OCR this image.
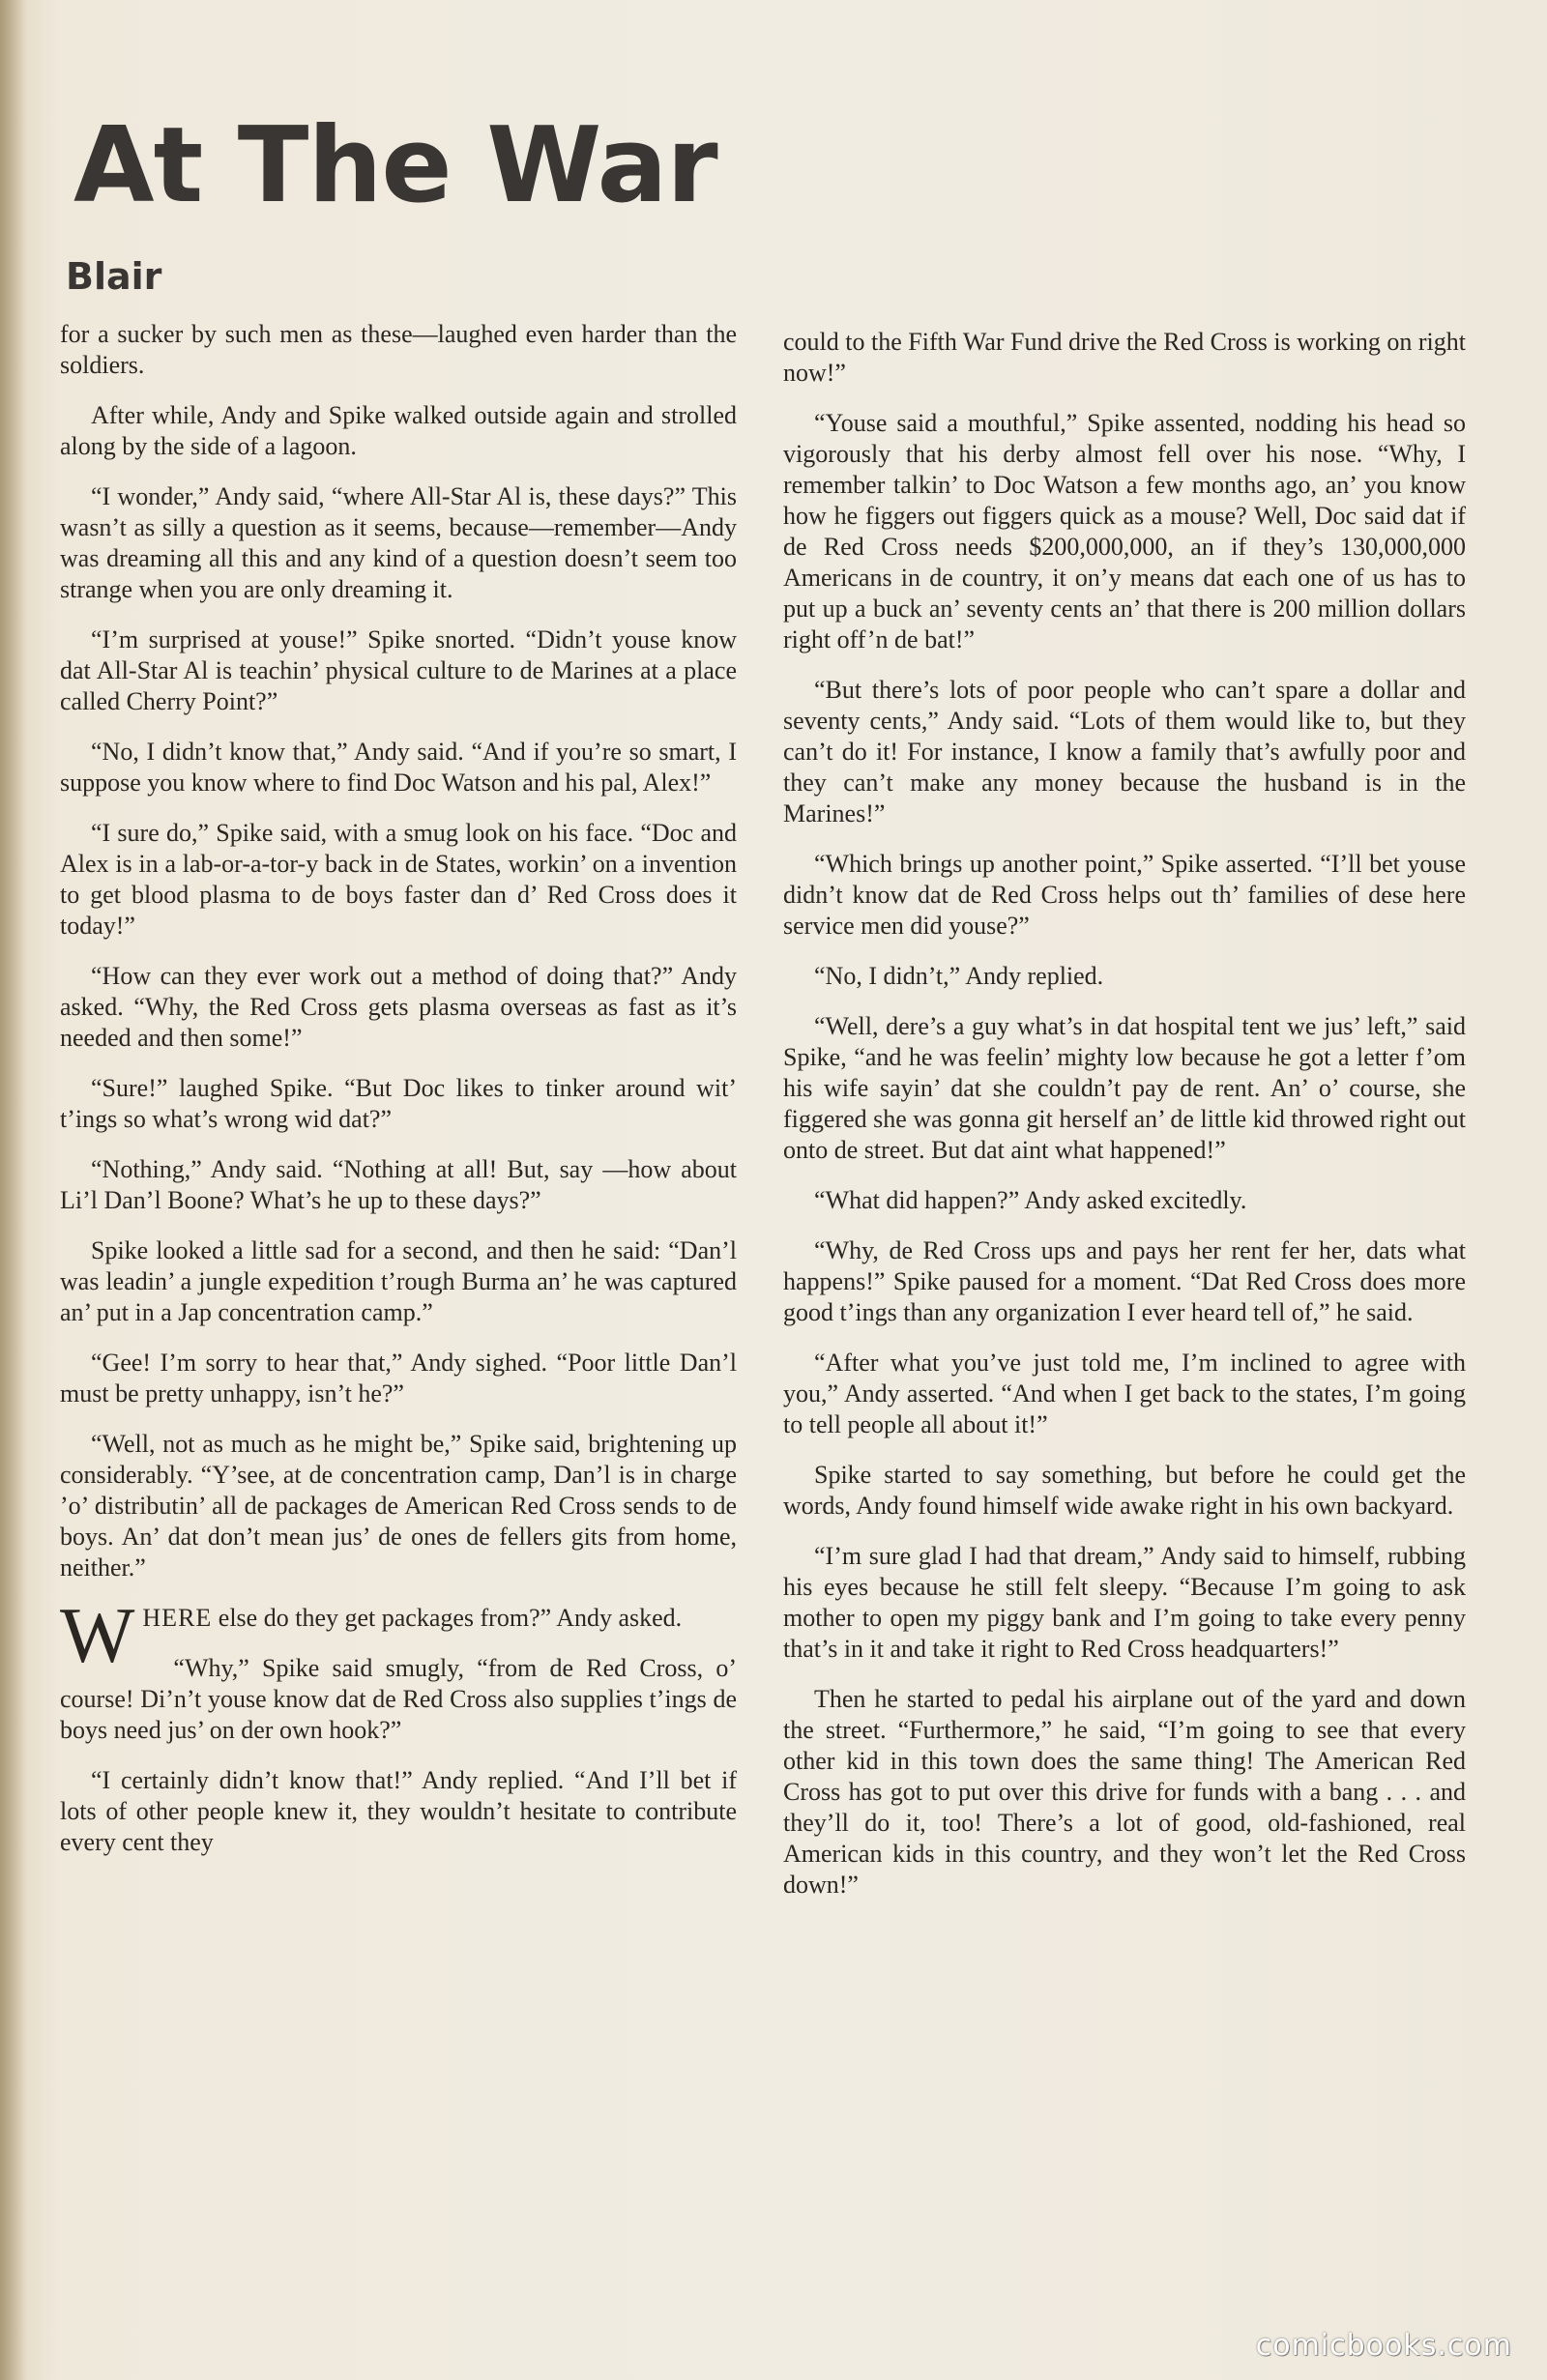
At The War
Blair

for a sucker by such men as these—laughed even harder than the soldiers.

After while, Andy and Spike walked outside again and strolled along by the side of a lagoon.

“I wonder,” Andy said, “where All-Star Al is, these days?” This wasn’t as silly a question as it seems, because—remember—Andy was dreaming all this and any kind of a question doesn’t seem too strange when you are only dreaming it.

“I’m surprised at youse!” Spike snorted. “Didn’t youse know dat All-Star Al is teachin’ physical culture to de Marines at a place called Cherry Point?”

“No, I didn’t know that,” Andy said. “And if you’re so smart, I suppose you know where to find Doc Watson and his pal, Alex!”

“I sure do,” Spike said, with a smug look on his face. “Doc and Alex is in a lab-or-a-tor-y back in de States, workin’ on a invention to get blood plasma to de boys faster dan d’ Red Cross does it today!”

“How can they ever work out a method of doing that?” Andy asked. “Why, the Red Cross gets plasma overseas as fast as it’s needed and then some!”

“Sure!” laughed Spike. “But Doc likes to tinker around wit’ t’ings so what’s wrong wid dat?”

“Nothing,” Andy said. “Nothing at all! But, say —how about Li’l Dan’l Boone? What’s he up to these days?”

Spike looked a little sad for a second, and then he said: “Dan’l was leadin’ a jungle expedition t’rough Burma an’ he was captured an’ put in a Jap concentration camp.”

“Gee! I’m sorry to hear that,” Andy sighed. “Poor little Dan’l must be pretty unhappy, isn’t he?”

“Well, not as much as he might be,” Spike said, brightening up considerably. “Y’see, at de concentration camp, Dan’l is in charge ’o’ distributin’ all de packages de American Red Cross sends to de boys. An’ dat don’t mean jus’ de ones de fellers gits from home, neither.”

WHERE else do they get packages from?” Andy asked.

“Why,” Spike said smugly, “from de Red Cross, o’ course! Di’n’t youse know dat de Red Cross also supplies t’ings de boys need jus’ on der own hook?”

“I certainly didn’t know that!” Andy replied. “And I’ll bet if lots of other people knew it, they wouldn’t hesitate to contribute every cent they

could to the Fifth War Fund drive the Red Cross is working on right now!”

“Youse said a mouthful,” Spike assented, nodding his head so vigorously that his derby almost fell over his nose. “Why, I remember talkin’ to Doc Watson a few months ago, an’ you know how he figgers out figgers quick as a mouse? Well, Doc said dat if de Red Cross needs $200,000,000, an if they’s 130,000,000 Americans in de country, it on’y means dat each one of us has to put up a buck an’ seventy cents an’ that there is 200 million dollars right off’n de bat!”

“But there’s lots of poor people who can’t spare a dollar and seventy cents,” Andy said. “Lots of them would like to, but they can’t do it! For instance, I know a family that’s awfully poor and they can’t make any money because the husband is in the Marines!”

“Which brings up another point,” Spike asserted. “I’ll bet youse didn’t know dat de Red Cross helps out th’ families of dese here service men did youse?”

“No, I didn’t,” Andy replied.

“Well, dere’s a guy what’s in dat hospital tent we jus’ left,” said Spike, “and he was feelin’ mighty low because he got a letter f’om his wife sayin’ dat she couldn’t pay de rent. An’ o’ course, she figgered she was gonna git herself an’ de little kid throwed right out onto de street. But dat aint what happened!”

“What did happen?” Andy asked excitedly.

“Why, de Red Cross ups and pays her rent fer her, dats what happens!” Spike paused for a moment. “Dat Red Cross does more good t’ings than any organization I ever heard tell of,” he said.

“After what you’ve just told me, I’m inclined to agree with you,” Andy asserted. “And when I get back to the states, I’m going to tell people all about it!”

Spike started to say something, but before he could get the words, Andy found himself wide awake right in his own backyard.

“I’m sure glad I had that dream,” Andy said to himself, rubbing his eyes because he still felt sleepy. “Because I’m going to ask mother to open my piggy bank and I’m going to take every penny that’s in it and take it right to Red Cross headquarters!”

Then he started to pedal his airplane out of the yard and down the street. “Furthermore,” he said, “I’m going to see that every other kid in this town does the same thing! The American Red Cross has got to put over this drive for funds with a bang . . . and they’ll do it, too! There’s a lot of good, old-fashioned, real American kids in this country, and they won’t let the Red Cross down!”

comicbooks.com
